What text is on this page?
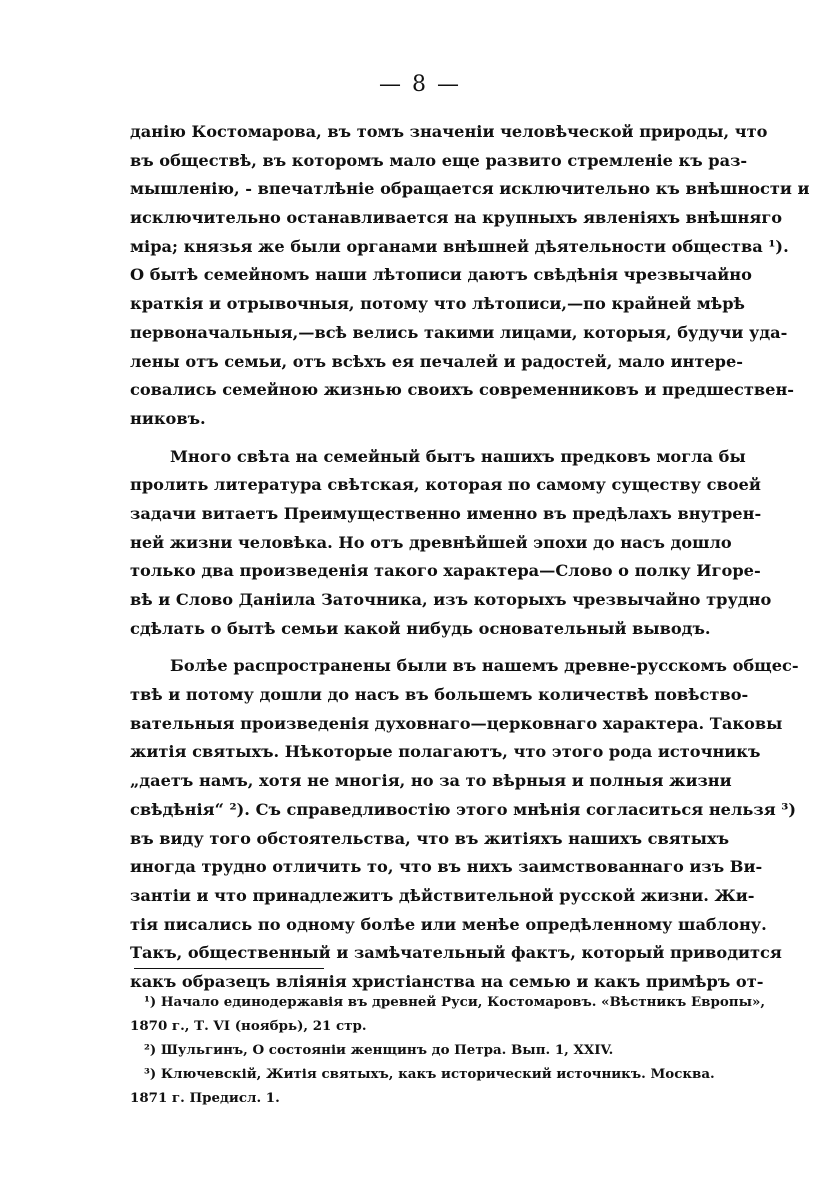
— 8 —
данію Костомарова, въ томъ значеніи человѣческой природы, что
въ обществѣ, въ которомъ мало еще развито стремленіе къ раз-
мышленію, - впечатлѣніе обращается исключительно къ внѣшности и
исключительно останавливается на крупныхъ явленіяхъ внѣшняго
міра; князья же были органами внѣшней дѣятельности общества ¹).
О бытѣ семейномъ наши лѣтописи даютъ свѣдѣнія чрезвычайно
краткія и отрывочныя, потому что лѣтописи,—по крайней мѣрѣ
первоначальныя,—всѣ велись такими лицами, которыя, будучи уда-
лены отъ семьи, отъ всѣхъ ея печалей и радостей, мало интере-
совались семейною жизнью своихъ современниковъ и предшествен-
никовъ.
Много свѣта на семейный бытъ нашихъ предковъ могла бы
пролить литература свѣтская, которая по самому существу своей
задачи витаетъ Преимущественно именно въ предѣлахъ внутрен-
ней жизни человѣка. Но отъ древнѣйшей эпохи до насъ дошло
только два произведенія такого характера—Слово о полку Игоре-
вѣ и Слово Даніила Заточника, изъ которыхъ чрезвычайно трудно
сдѣлать о бытѣ семьи какой нибудь основательный выводъ.
Болѣе распространены были въ нашемъ древне-русскомъ общес-
твѣ и потому дошли до насъ въ большемъ количествѣ повѣство-
вательныя произведенія духовнаго—церковнаго характера. Таковы
житія святыхъ. Нѣкоторые полагаютъ, что этого рода источникъ
„даетъ намъ, хотя не многія, но за то вѣрныя и полныя жизни
свѣдѣнія“ ²). Съ справедливостію этого мнѣнія согласиться нельзя ³)
въ виду того обстоятельства, что въ житіяхъ нашихъ святыхъ
иногда трудно отличить то, что въ нихъ заимствованнаго изъ Ви-
зантіи и что принадлежитъ дѣйствительной русской жизни. Жи-
тія писались по одному болѣе или менѣе опредѣленному шаблону.
Такъ, общественный и замѣчательный фактъ, который приводится
какъ образецъ вліянія христіанства на семью и какъ примѣръ от-
¹) Начало единодержавія въ древней Руси, Костомаровъ. «Вѣстникъ Европы»,
1870 г., Т. VI (ноябрь), 21 стр.
²) Шульгинъ, О состояніи женщинъ до Петра. Вып. 1, XXIV.
³) Ключевскій, Житія святыхъ, какъ исторический источникъ. Москва.
1871 г. Предисл. 1.
